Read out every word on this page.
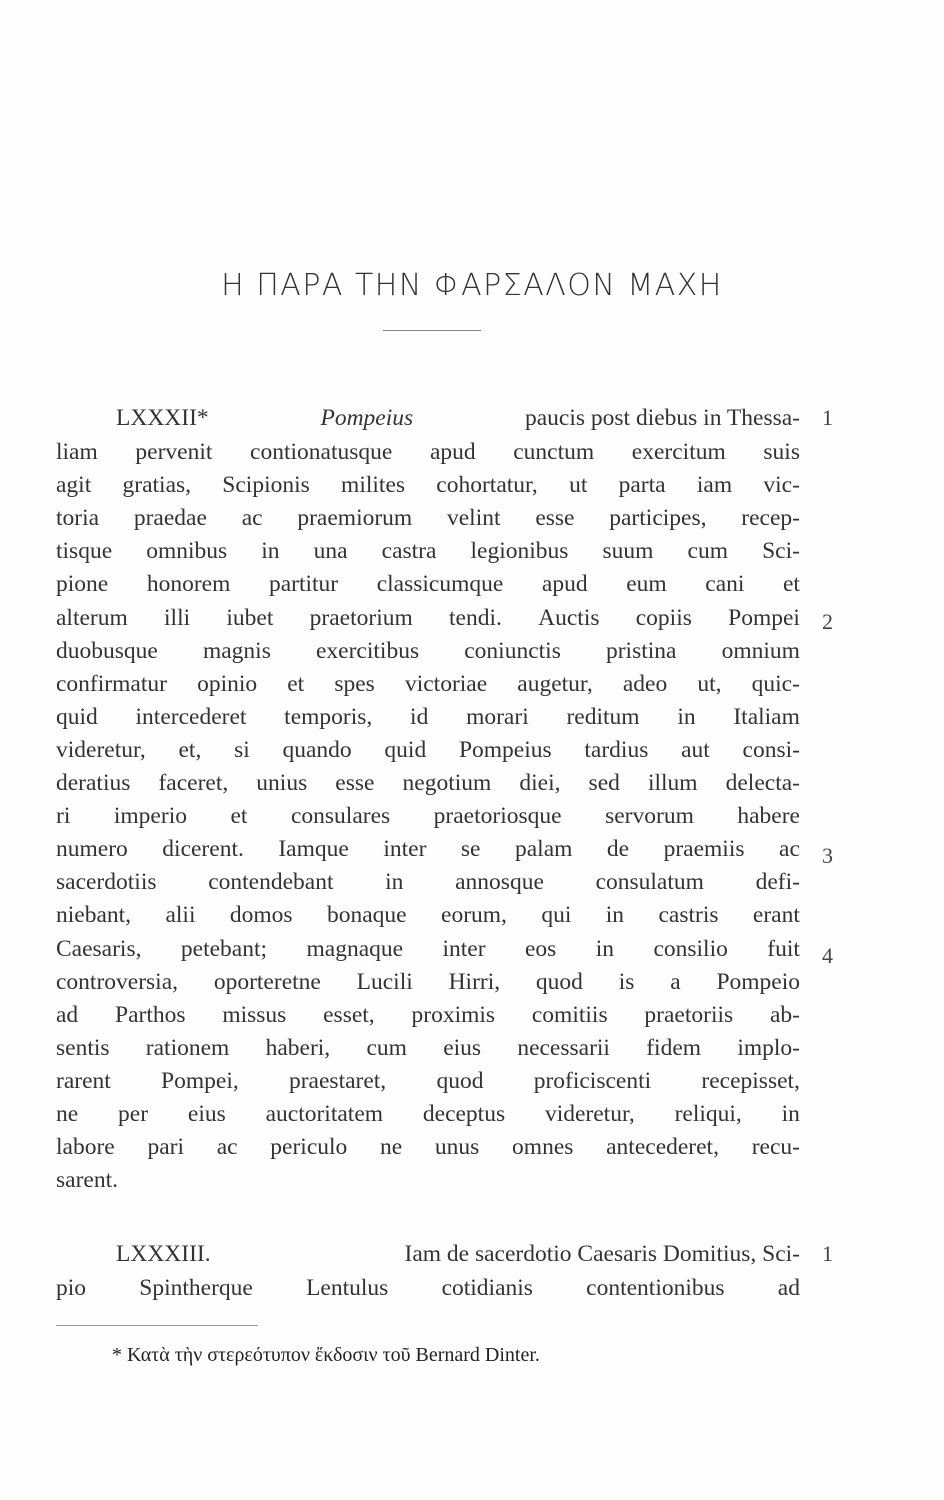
Η ΠΑΡΑ ΤΗΝ ΦΑΡΣΑΛΟΝ ΜΑΧΗ
LXXXII*	Pompeius	paucis post diebus in Thessa- 1
liam pervenit contionatusque apud cunctum exercitum suis
agit gratias, Scipionis milites cohortatur, ut parta iam vic-
toria praedae ac praemiorum velint esse participes, recep-
tisque omnibus in una castra legionibus suum cum Sci-
pione honorem partitur classicumque apud eum cani et
alterum illi iubet praetorium tendi. Auctis copiis Pompei
duobusque magnis exercitibus coniunctis pristina omnium
confirmatur opinio et spes victoriae augetur, adeo ut, quic-
quid intercederet temporis, id morari reditum in Italiam
videretur, et, si quando quid Pompeius tardius aut consi-
deratius faceret, unius esse negotium diei, sed illum delecta-
ri imperio et consulares praetoriosque servorum habere
numero dicerent. Iamque inter se palam de praemiis ac
sacerdotiis contendebant in annosque consulatum defi-
niebant, alii domos bonaque eorum, qui in castris erant
Caesaris, petebant; magnaque inter eos in consilio fuit
controversia, oporteretne Lucili Hirri, quod is a Pompeio
ad Parthos missus esset, proximis comitiis praetoriis ab-
sentis rationem haberi, cum eius necessarii fidem implo-
rarent Pompei, praestaret, quod proficiscenti recepisset,
ne per eius auctoritatem deceptus videretur, reliqui, in
labore pari ac periculo ne unus omnes antecederet, recu-
sarent.
2
3
4
LXXXIII.	Iam de sacerdotio Caesaris Domitius, Sci- 1
pio Spintherque Lentulus cotidianis contentionibus ad
* Κατὰ τὴν στερεότυπον ἔκδοσιν τοῦ Bernard Dinter.
